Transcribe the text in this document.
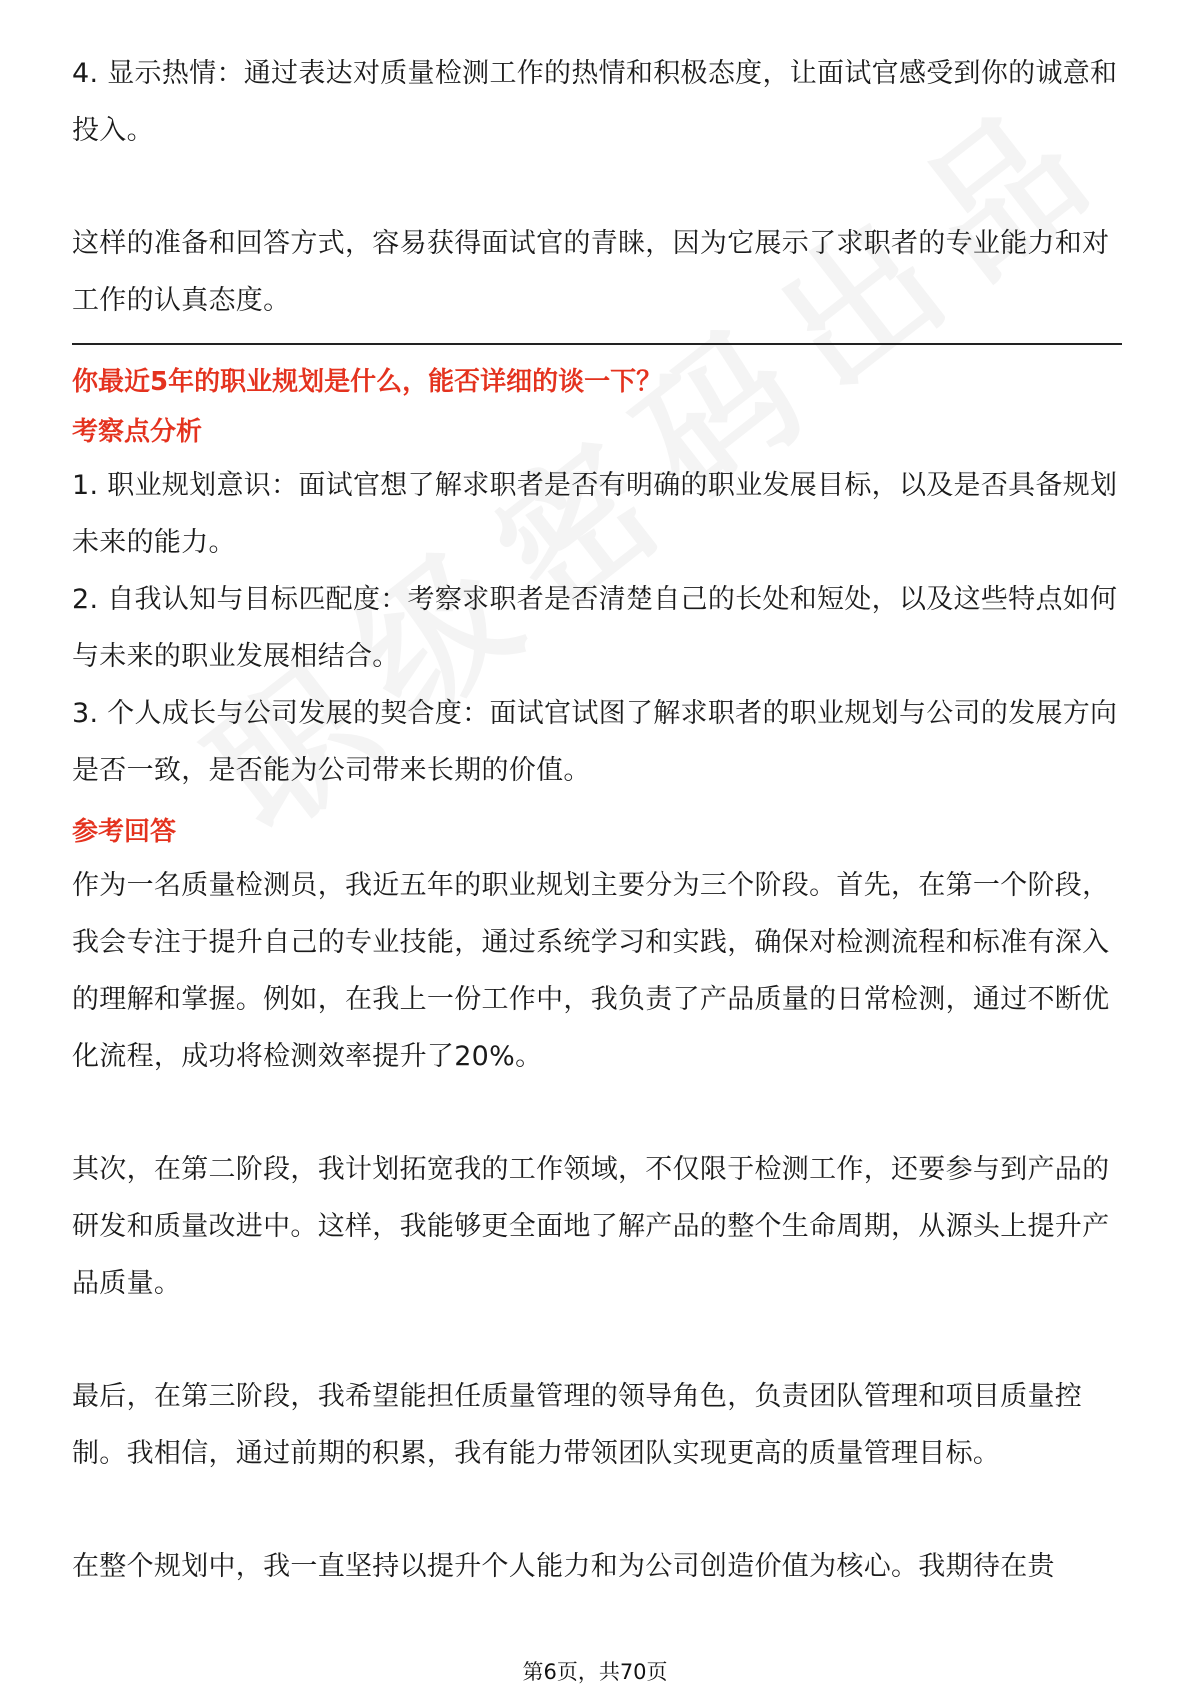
4. 显示热情：通过表达对质量检测工作的热情和积极态度，让面试官感受到你的诚意和投入。

这样的准备和回答方式，容易获得面试官的青睐，因为它展示了求职者的专业能力和对工作的认真态度。

你最近5年的职业规划是什么，能否详细的谈一下？

考察点分析

1. 职业规划意识：面试官想了解求职者是否有明确的职业发展目标，以及是否具备规划未来的能力。

2. 自我认知与目标匹配度：考察求职者是否清楚自己的长处和短处，以及这些特点如何与未来的职业发展相结合。

3. 个人成长与公司发展的契合度：面试官试图了解求职者的职业规划与公司的发展方向是否一致，是否能为公司带来长期的价值。

参考回答

作为一名质量检测员，我近五年的职业规划主要分为三个阶段。首先，在第一个阶段，我会专注于提升自己的专业技能，通过系统学习和实践，确保对检测流程和标准有深入的理解和掌握。例如，在我上一份工作中，我负责了产品质量的日常检测，通过不断优化流程，成功将检测效率提升了20%。

其次，在第二阶段，我计划拓宽我的工作领域，不仅限于检测工作，还要参与到产品的研发和质量改进中。这样，我能够更全面地了解产品的整个生命周期，从源头上提升产品质量。

最后，在第三阶段，我希望能担任质量管理的领导角色，负责团队管理和项目质量控制。我相信，通过前期的积累，我有能力带领团队实现更高的质量管理目标。

在整个规划中，我一直坚持以提升个人能力和为公司创造价值为核心。我期待在贵

第6页，共70页
